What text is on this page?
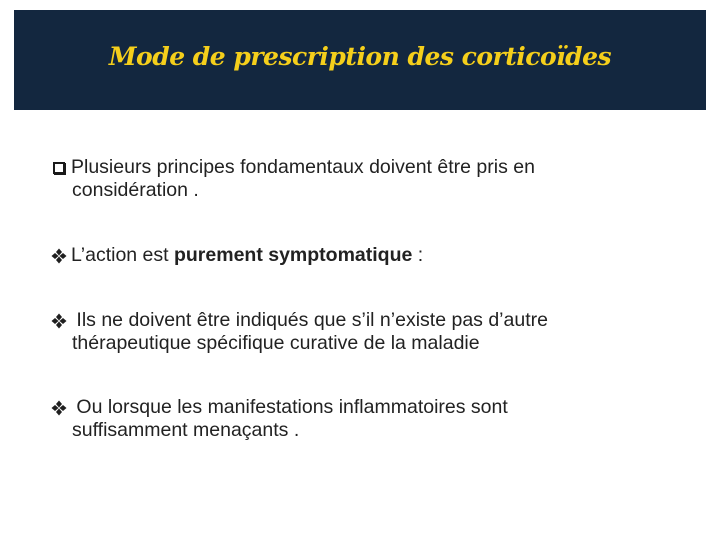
Mode de prescription des corticoïdes
Plusieurs principes fondamentaux doivent être pris en
considération .
L’action est purement symptomatique :
Ils ne doivent être indiqués que s’il n’existe pas d’autre
thérapeutique spécifique curative de la maladie
Ou lorsque les manifestations inflammatoires sont
suffisamment menaçants .
